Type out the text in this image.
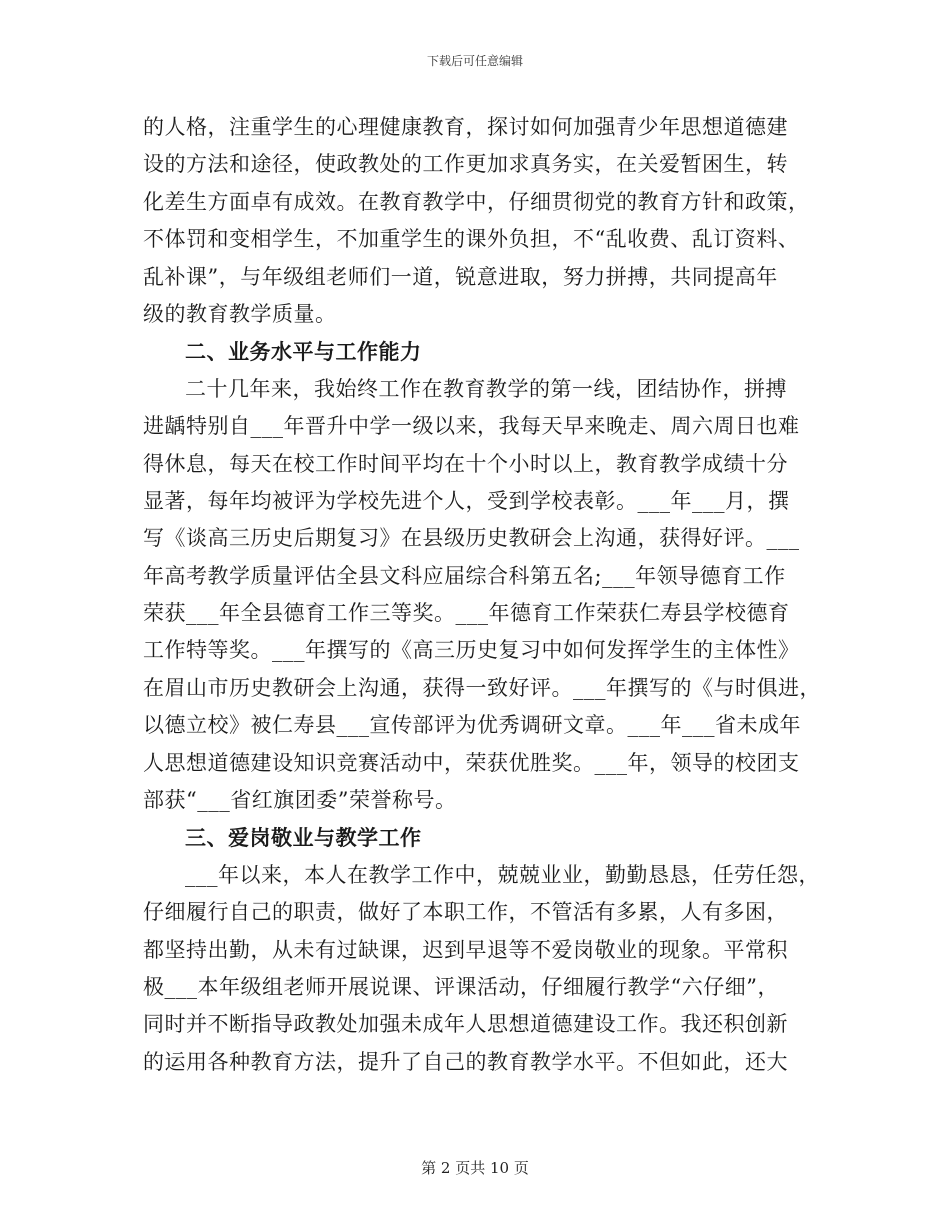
下载后可任意编辑
的人格，注重学生的心理健康教育，探讨如何加强青少年思想道德建
设的方法和途径，使政教处的工作更加求真务实，在关爱暂困生，转
化差生方面卓有成效。在教育教学中，仔细贯彻党的教育方针和政策，
不体罚和变相学生，不加重学生的课外负担，不“乱收费、乱订资料、
乱补课”，与年级组老师们一道，锐意进取，努力拼搏，共同提高年
级的教育教学质量。
二、业务水平与工作能力
二十几年来，我始终工作在教育教学的第一线，团结协作，拼搏
进龋特别自___年晋升中学一级以来，我每天早来晚走、周六周日也难
得休息，每天在校工作时间平均在十个小时以上，教育教学成绩十分
显著，每年均被评为学校先进个人，受到学校表彰。___年___月，撰
写《谈高三历史后期复习》在县级历史教研会上沟通，获得好评。___
年高考教学质量评估全县文科应届综合科第五名;___年领导德育工作
荣获___年全县德育工作三等奖。___年德育工作荣获仁寿县学校德育
工作特等奖。___年撰写的《高三历史复习中如何发挥学生的主体性》
在眉山市历史教研会上沟通，获得一致好评。___年撰写的《与时俱进，
以德立校》被仁寿县___宣传部评为优秀调研文章。___年___省未成年
人思想道德建设知识竞赛活动中，荣获优胜奖。___年，领导的校团支
部获“___省红旗团委”荣誉称号。
三、爱岗敬业与教学工作
___年以来，本人在教学工作中，兢兢业业，勤勤恳恳，任劳任怨，
仔细履行自己的职责，做好了本职工作，不管活有多累，人有多困，
都坚持出勤，从未有过缺课，迟到早退等不爱岗敬业的现象。平常积
极___本年级组老师开展说课、评课活动，仔细履行教学“六仔细”，
同时并不断指导政教处加强未成年人思想道德建设工作。我还积创新
的运用各种教育方法，提升了自己的教育教学水平。不但如此，还大
第 2 页共 10 页
